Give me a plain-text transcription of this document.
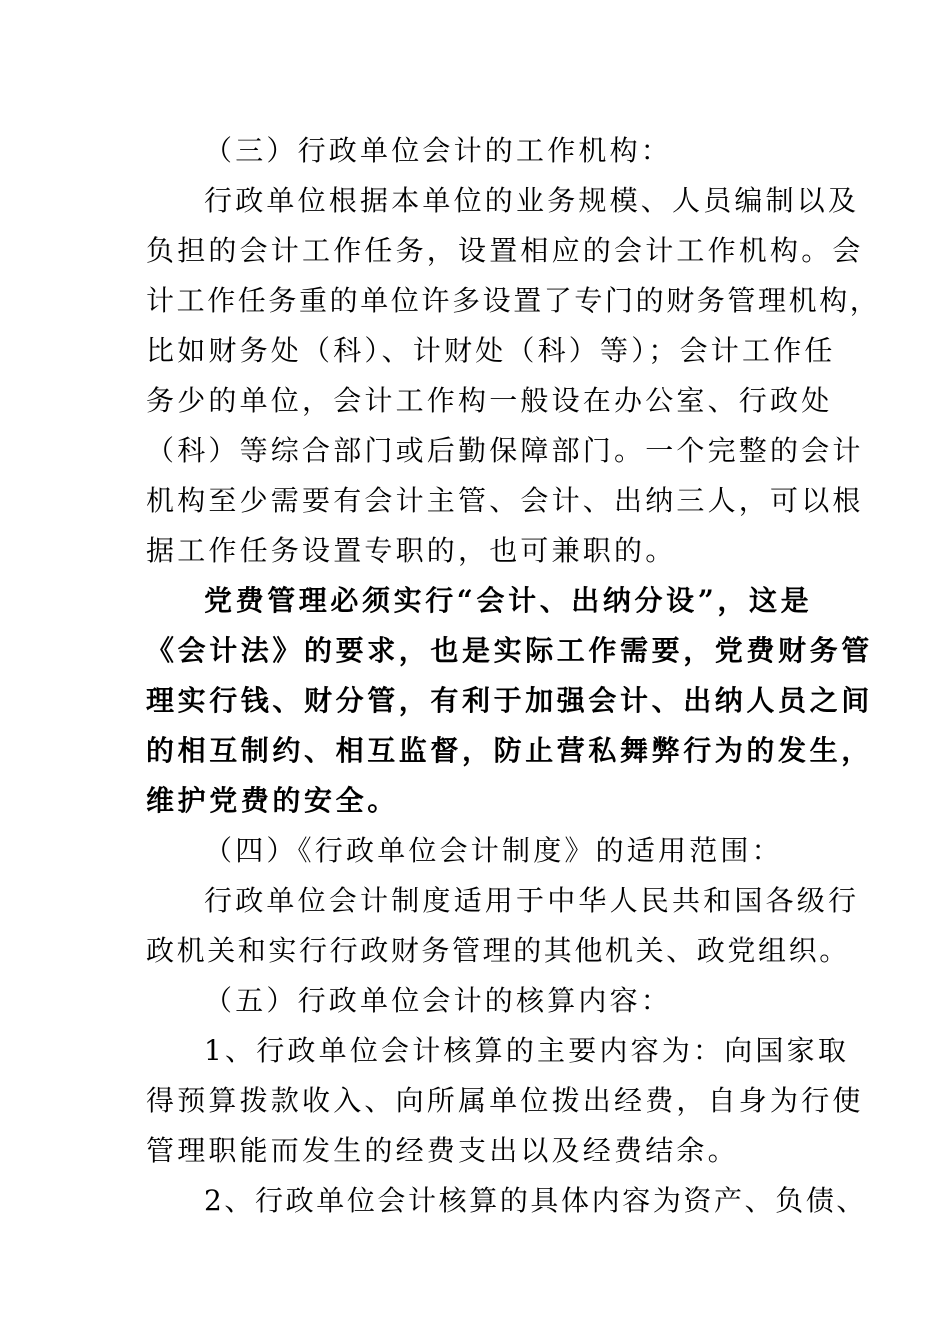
（三）行政单位会计的工作机构：
行政单位根据本单位的业务规模、人员编制以及
负担的会计工作任务，设置相应的会计工作机构。会
计工作任务重的单位许多设置了专门的财务管理机构，
比如财务处（科）、计财处（科）等）；会计工作任
务少的单位，会计工作构一般设在办公室、行政处
（科）等综合部门或后勤保障部门。一个完整的会计
机构至少需要有会计主管、会计、出纳三人，可以根
据工作任务设置专职的，也可兼职的。
党费管理必须实行“会计、出纳分设”，这是
《会计法》的要求，也是实际工作需要，党费财务管
理实行钱、财分管，有利于加强会计、出纳人员之间
的相互制约、相互监督，防止营私舞弊行为的发生，
维护党费的安全。
（四）《行政单位会计制度》的适用范围：
行政单位会计制度适用于中华人民共和国各级行
政机关和实行行政财务管理的其他机关、政党组织。
（五）行政单位会计的核算内容：
1、行政单位会计核算的主要内容为：向国家取
得预算拨款收入、向所属单位拨出经费，自身为行使
管理职能而发生的经费支出以及经费结余。
2、行政单位会计核算的具体内容为资产、负债、
